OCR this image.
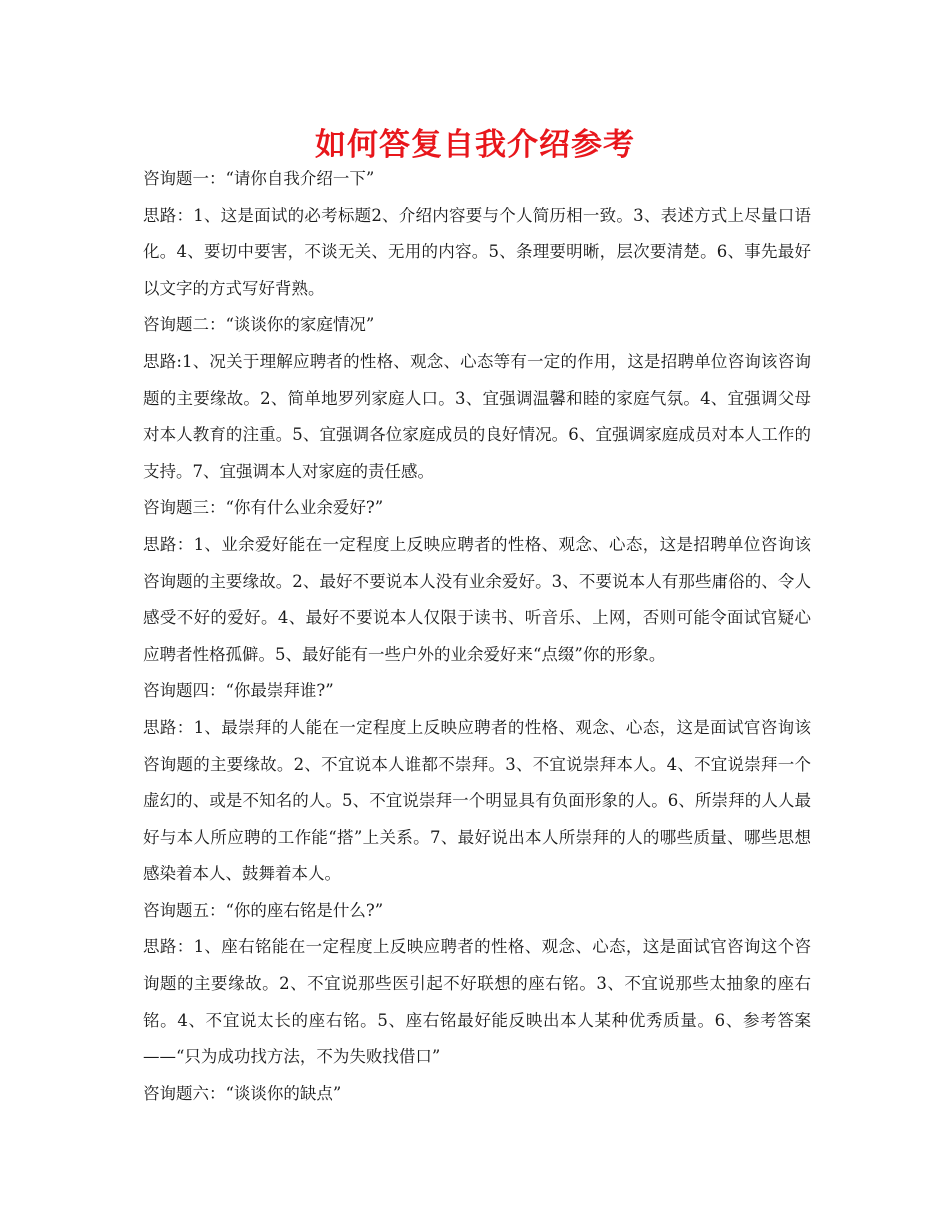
如何答复自我介绍参考

咨询题一：“请你自我介绍一下”

思路：1、这是面试的必考标题2、介绍内容要与个人简历相一致。3、表述方式上尽量口语化。4、要切中要害，不谈无关、无用的内容。5、条理要明晰，层次要清楚。6、事先最好以文字的方式写好背熟。

咨询题二：“谈谈你的家庭情况”

思路:1、况关于理解应聘者的性格、观念、心态等有一定的作用，这是招聘单位咨询该咨询题的主要缘故。2、简单地罗列家庭人口。3、宜强调温馨和睦的家庭气氛。4、宜强调父母对本人教育的注重。5、宜强调各位家庭成员的良好情况。6、宜强调家庭成员对本人工作的支持。7、宜强调本人对家庭的责任感。

咨询题三：“你有什么业余爱好?”

思路：1、业余爱好能在一定程度上反映应聘者的性格、观念、心态，这是招聘单位咨询该咨询题的主要缘故。2、最好不要说本人没有业余爱好。3、不要说本人有那些庸俗的、令人感受不好的爱好。4、最好不要说本人仅限于读书、听音乐、上网，否则可能令面试官疑心应聘者性格孤僻。5、最好能有一些户外的业余爱好来“点缀”你的形象。

咨询题四：“你最崇拜谁?”

思路：1、最崇拜的人能在一定程度上反映应聘者的性格、观念、心态，这是面试官咨询该咨询题的主要缘故。2、不宜说本人谁都不崇拜。3、不宜说崇拜本人。4、不宜说崇拜一个虚幻的、或是不知名的人。5、不宜说崇拜一个明显具有负面形象的人。6、所崇拜的人人最好与本人所应聘的工作能“搭”上关系。7、最好说出本人所崇拜的人的哪些质量、哪些思想感染着本人、鼓舞着本人。

咨询题五：“你的座右铭是什么?”

思路：1、座右铭能在一定程度上反映应聘者的性格、观念、心态，这是面试官咨询这个咨询题的主要缘故。2、不宜说那些医引起不好联想的座右铭。3、不宜说那些太抽象的座右铭。4、不宜说太长的座右铭。5、座右铭最好能反映出本人某种优秀质量。6、参考答案——“只为成功找方法，不为失败找借口”

咨询题六：“谈谈你的缺点”
